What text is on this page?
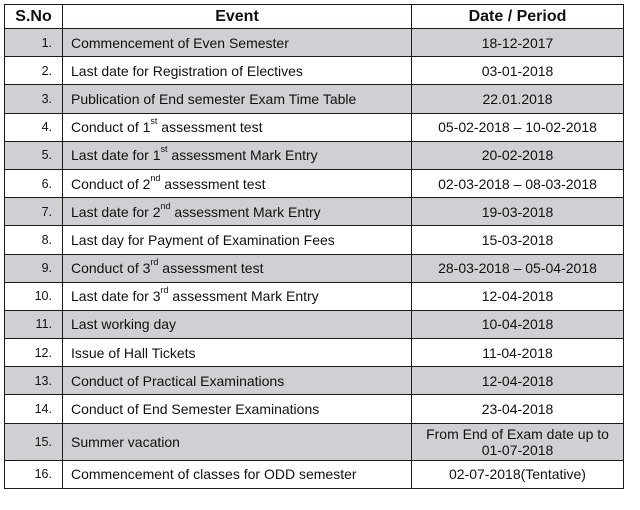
S.No	Event	Date / Period
1.	Commencement of Even Semester	18-12-2017
2.	Last date for Registration of Electives	03-01-2018
3.	Publication of End semester Exam Time Table	22.01.2018
4.	Conduct of 1st assessment test	05-02-2018 – 10-02-2018
5.	Last date for 1st assessment Mark Entry	20-02-2018
6.	Conduct of 2nd assessment test	02-03-2018 – 08-03-2018
7.	Last date for 2nd assessment Mark Entry	19-03-2018
8.	Last day for Payment of Examination Fees	15-03-2018
9.	Conduct of 3rd assessment test	28-03-2018 – 05-04-2018
10.	Last date for 3rd assessment Mark Entry	12-04-2018
11.	Last working day	10-04-2018
12.	Issue of Hall Tickets	11-04-2018
13.	Conduct of Practical Examinations	12-04-2018
14.	Conduct of End Semester Examinations	23-04-2018
15.	Summer vacation	From End of Exam date up to 01-07-2018
16.	Commencement of classes for ODD semester	02-07-2018(Tentative)
